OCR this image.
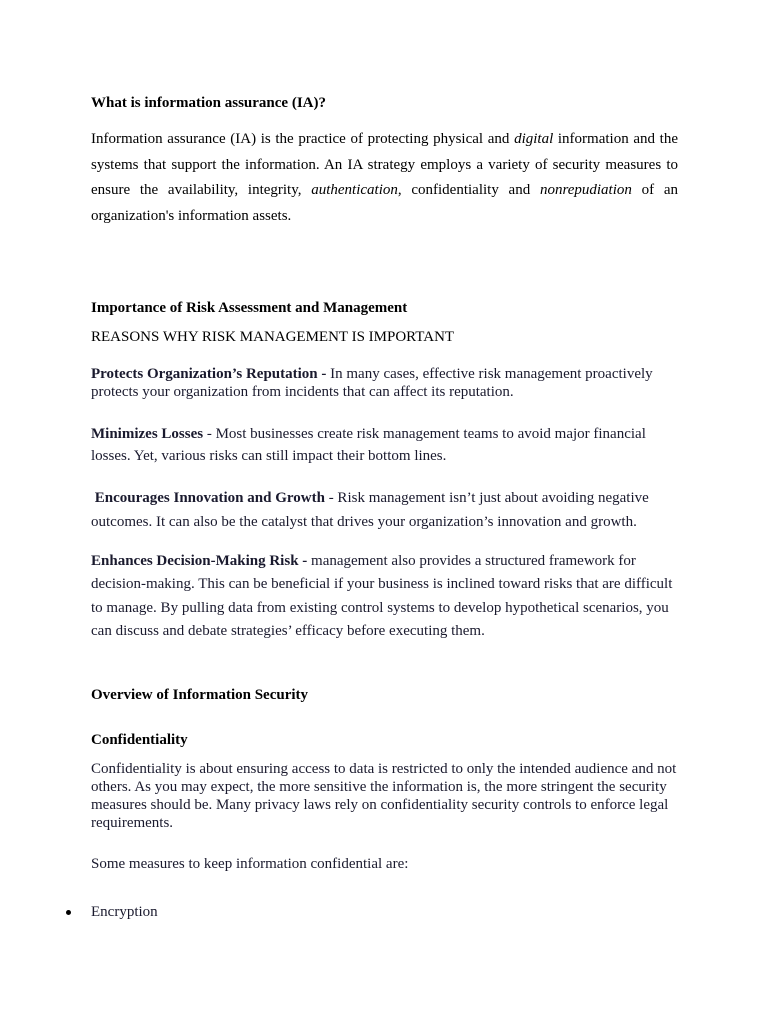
What is information assurance (IA)?

Information assurance (IA) is the practice of protecting physical and digital information and the systems that support the information. An IA strategy employs a variety of security measures to ensure the availability, integrity, authentication, confidentiality and nonrepudiation of an organization's information assets.

Importance of Risk Assessment and Management

REASONS WHY RISK MANAGEMENT IS IMPORTANT

Protects Organization’s Reputation - In many cases, effective risk management proactively protects your organization from incidents that can affect its reputation.

Minimizes Losses - Most businesses create risk management teams to avoid major financial losses. Yet, various risks can still impact their bottom lines.

Encourages Innovation and Growth - Risk management isn’t just about avoiding negative outcomes. It can also be the catalyst that drives your organization’s innovation and growth.

Enhances Decision-Making Risk - management also provides a structured framework for decision-making. This can be beneficial if your business is inclined toward risks that are difficult to manage. By pulling data from existing control systems to develop hypothetical scenarios, you can discuss and debate strategies’ efficacy before executing them.

Overview of Information Security

Confidentiality

Confidentiality is about ensuring access to data is restricted to only the intended audience and not others. As you may expect, the more sensitive the information is, the more stringent the security measures should be. Many privacy laws rely on confidentiality security controls to enforce legal requirements.

Some measures to keep information confidential are:

Encryption
